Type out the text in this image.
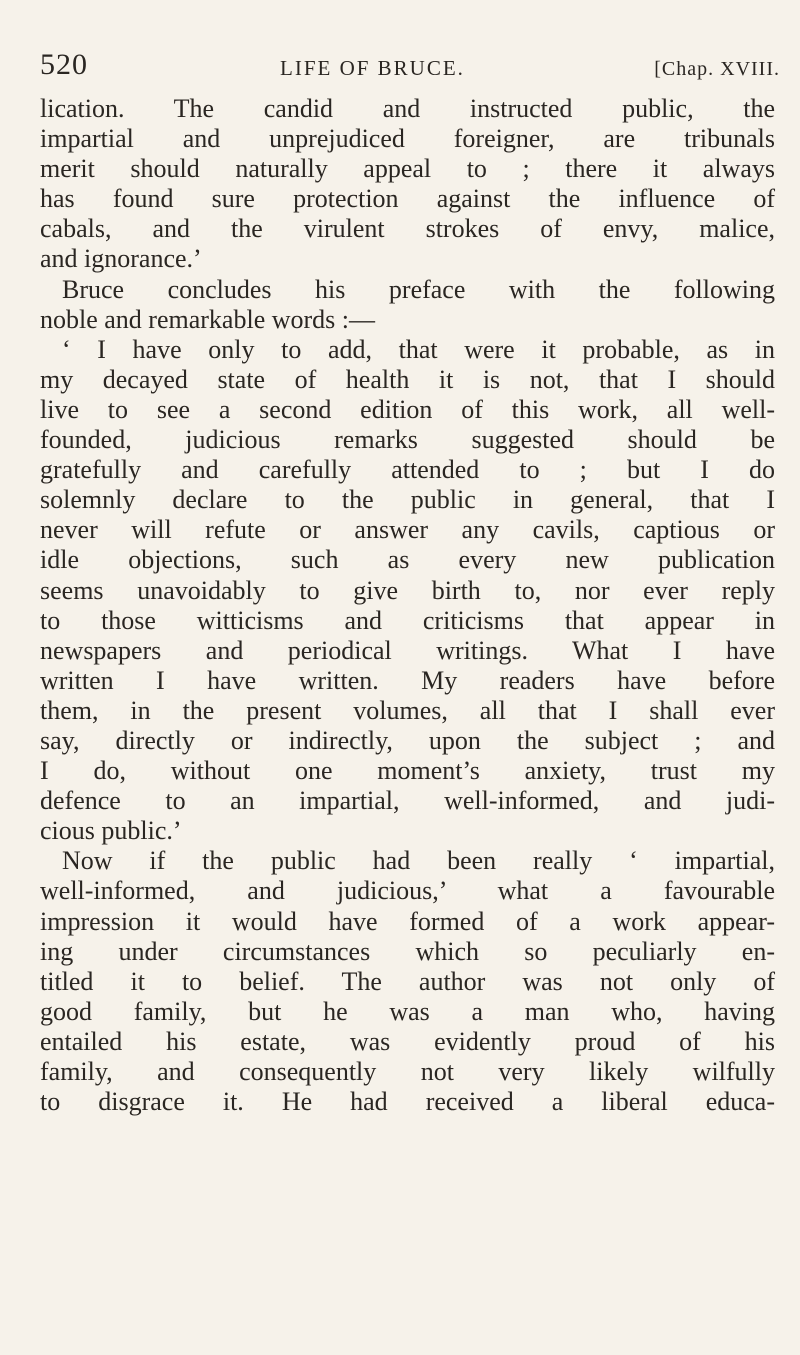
520	LIFE OF BRUCE.	[Chap. XVIII.
lication. The candid and instructed public, the
impartial and unprejudiced foreigner, are tribunals
merit should naturally appeal to ; there it always
has found sure protection against the influence of
cabals, and the virulent strokes of envy, malice,
and ignorance.’
Bruce concludes his preface with the following
noble and remarkable words :—
‘ I have only to add, that were it probable, as in
my decayed state of health it is not, that I should
live to see a second edition of this work, all well-
founded, judicious remarks suggested should be
gratefully and carefully attended to ; but I do
solemnly declare to the public in general, that I
never will refute or answer any cavils, captious or
idle objections, such as every new publication
seems unavoidably to give birth to, nor ever reply
to those witticisms and criticisms that appear in
newspapers and periodical writings. What I have
written I have written. My readers have before
them, in the present volumes, all that I shall ever
say, directly or indirectly, upon the subject ; and
I do, without one moment’s anxiety, trust my
defence to an impartial, well-informed, and judi-
cious public.’
Now if the public had been really ‘ impartial,
well-informed, and judicious,’ what a favourable
impression it would have formed of a work appear-
ing under circumstances which so peculiarly en-
titled it to belief. The author was not only of
good family, but he was a man who, having
entailed his estate, was evidently proud of his
family, and consequently not very likely wilfully
to disgrace it. He had received a liberal educa-
